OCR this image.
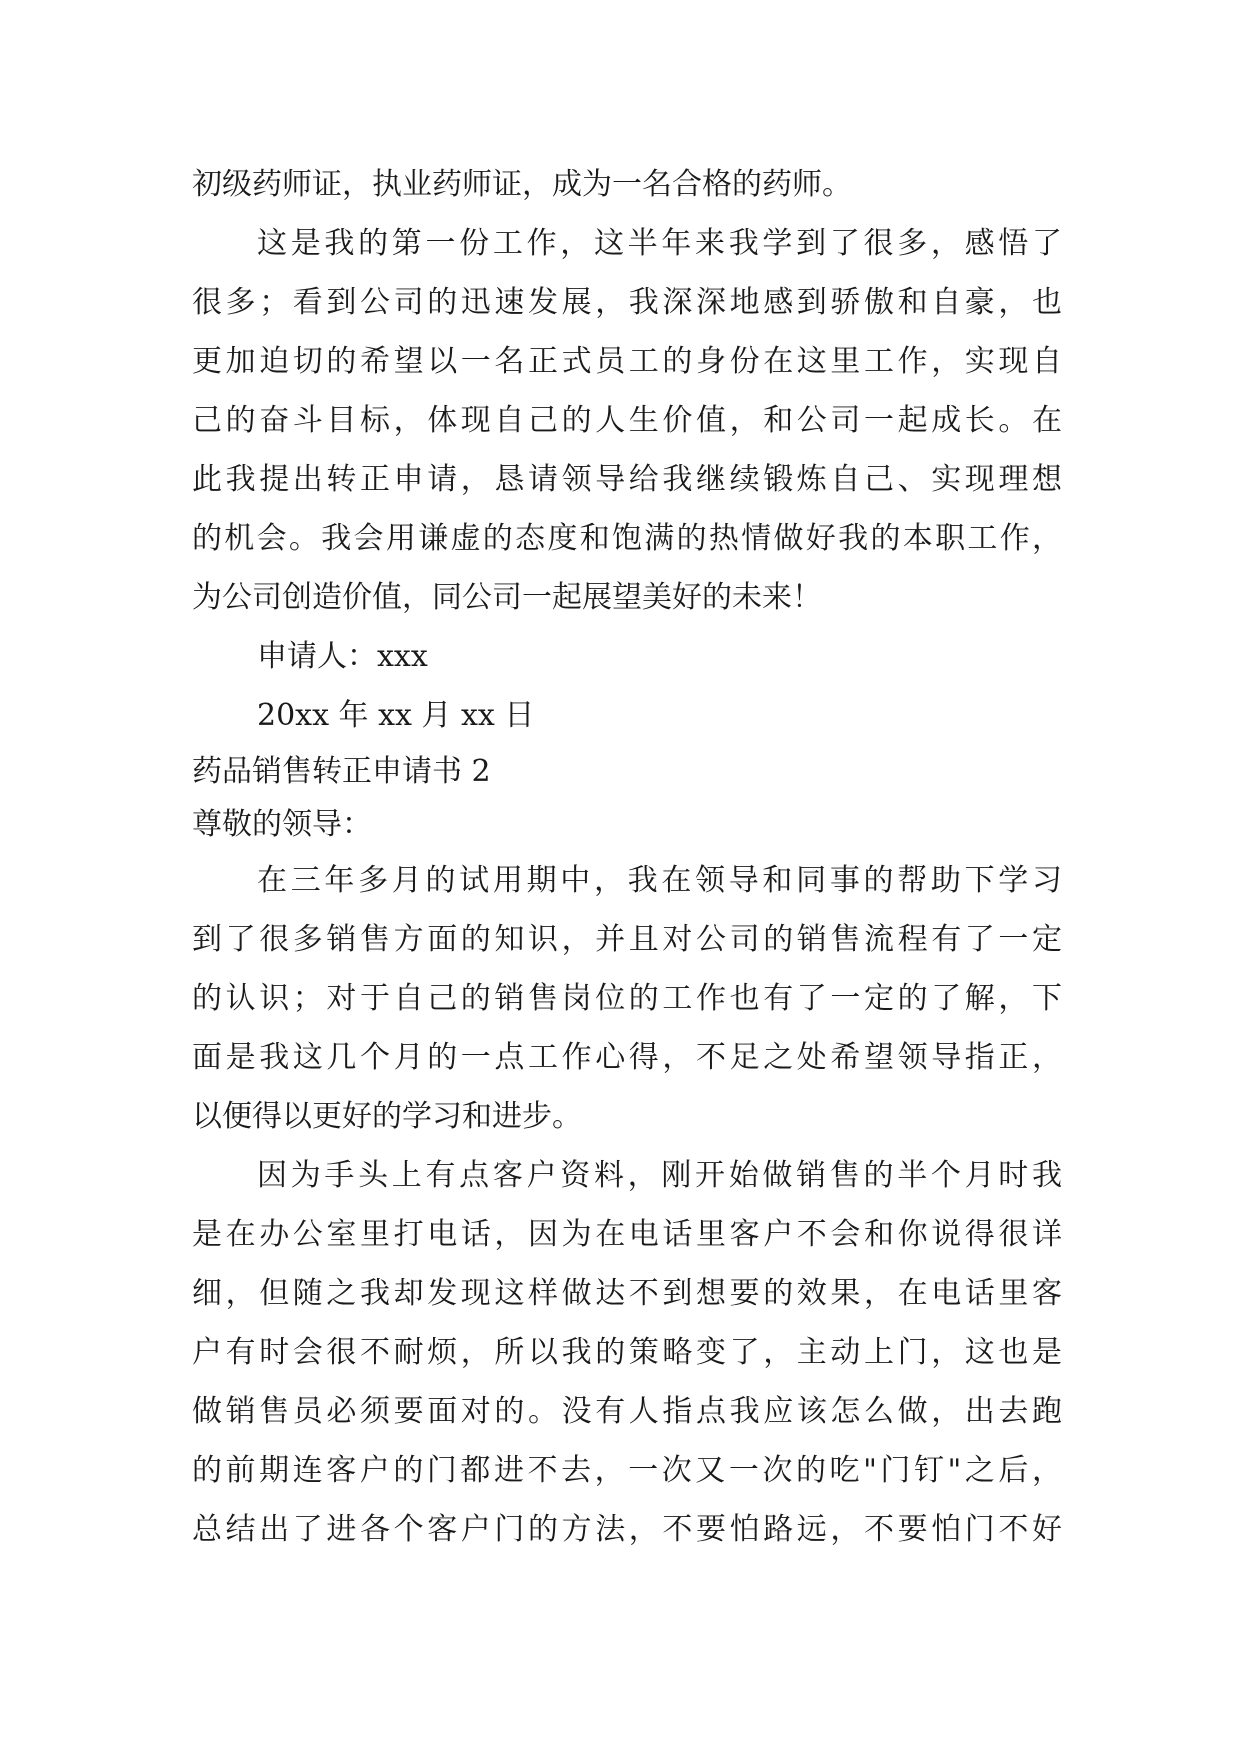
初级药师证，执业药师证，成为一名合格的药师。
这是我的第一份工作，这半年来我学到了很多，感悟了
很多；看到公司的迅速发展，我深深地感到骄傲和自豪，也
更加迫切的希望以一名正式员工的身份在这里工作，实现自
己的奋斗目标，体现自己的人生价值，和公司一起成长。在
此我提出转正申请，恳请领导给我继续锻炼自己、实现理想
的机会。我会用谦虚的态度和饱满的热情做好我的本职工作，
为公司创造价值，同公司一起展望美好的未来！
申请人：xxx
20xx 年 xx 月 xx 日
药品销售转正申请书 2
尊敬的领导：
在三年多月的试用期中，我在领导和同事的帮助下学习
到了很多销售方面的知识，并且对公司的销售流程有了一定
的认识；对于自己的销售岗位的工作也有了一定的了解，下
面是我这几个月的一点工作心得，不足之处希望领导指正，
以便得以更好的学习和进步。
因为手头上有点客户资料，刚开始做销售的半个月时我
是在办公室里打电话，因为在电话里客户不会和你说得很详
细，但随之我却发现这样做达不到想要的效果，在电话里客
户有时会很不耐烦，所以我的策略变了，主动上门，这也是
做销售员必须要面对的。没有人指点我应该怎么做，出去跑
的前期连客户的门都进不去，一次又一次的吃"门钉"之后，
总结出了进各个客户门的方法，不要怕路远，不要怕门不好
